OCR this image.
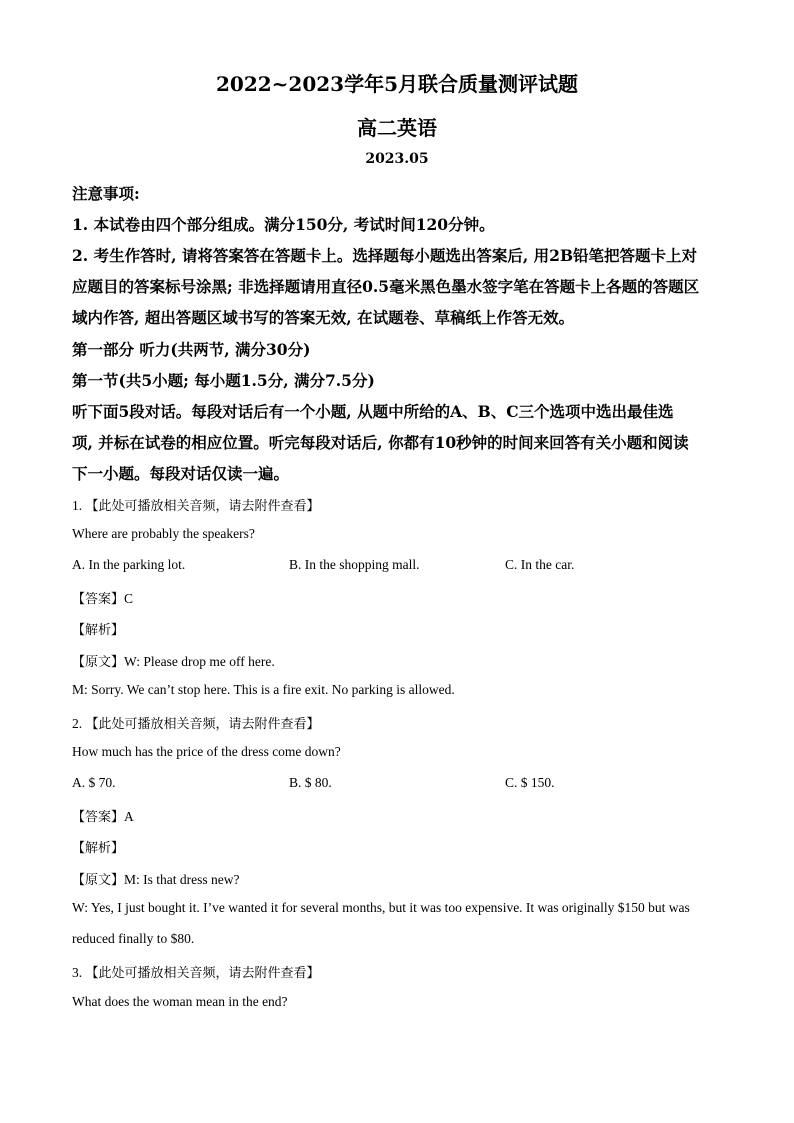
2022~2023学年5月联合质量测评试题
高二英语
2023.05
注意事项:
1. 本试卷由四个部分组成。满分150分, 考试时间120分钟。
2. 考生作答时, 请将答案答在答题卡上。选择题每小题选出答案后, 用2B铅笔把答题卡上对
应题目的答案标号涂黑; 非选择题请用直径0.5毫米黑色墨水签字笔在答题卡上各题的答题区
域内作答, 超出答题区域书写的答案无效, 在试题卷、草稿纸上作答无效。
第一部分 听力(共两节, 满分30分)
第一节(共5小题; 每小题1.5分, 满分7.5分)
听下面5段对话。每段对话后有一个小题, 从题中所给的A、B、C三个选项中选出最佳选
项, 并标在试卷的相应位置。听完每段对话后, 你都有10秒钟的时间来回答有关小题和阅读
下一小题。每段对话仅读一遍。
1. 【此处可播放相关音频，请去附件查看】
Where are probably the speakers?
A. In the parking lot.	B. In the shopping mall.	C. In the car.
【答案】C
【解析】
【原文】W: Please drop me off here.
M: Sorry. We can’t stop here. This is a fire exit. No parking is allowed.
2. 【此处可播放相关音频，请去附件查看】
How much has the price of the dress come down?
A. $ 70.	B. $ 80.	C. $ 150.
【答案】A
【解析】
【原文】M: Is that dress new?
W: Yes, I just bought it. I’ve wanted it for several months, but it was too expensive. It was originally $150 but was
reduced finally to $80.
3. 【此处可播放相关音频，请去附件查看】
What does the woman mean in the end?
